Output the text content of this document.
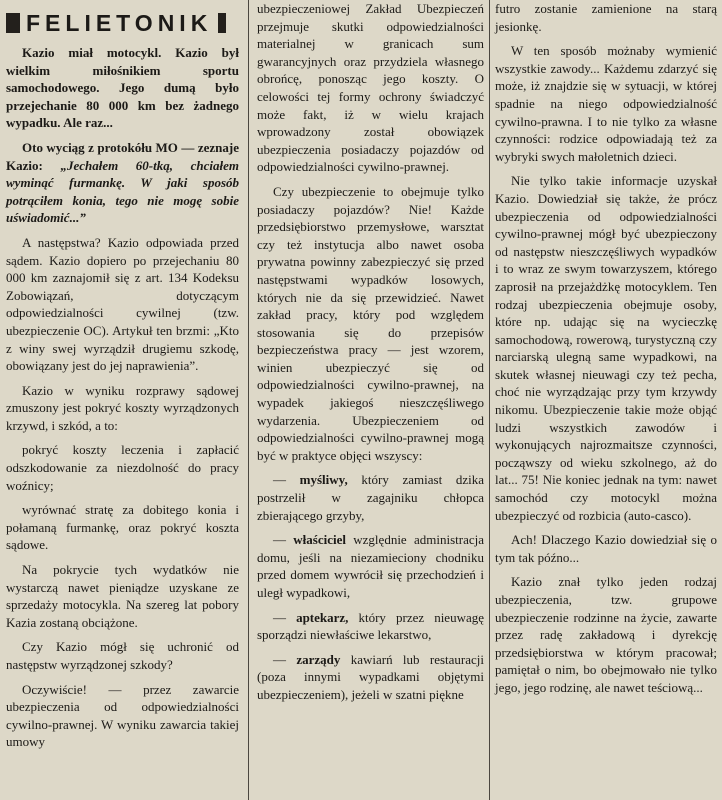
FELIETONIK

Kazio miał motocykl. Kazio był wielkim miłośnikiem sportu samochodowego. Jego dumą było przejechanie 80 000 km bez żadnego wypadku. Ale raz...

Oto wyciąg z protokółu MO — zeznaje Kazio: „Jechałem 60-tką, chciałem wyminąć furmankę. W jaki sposób potrąciłem konia, tego nie mogę sobie uświadomić...”

A następstwa? Kazio odpowiada przed sądem. Kazio dopiero po przejechaniu 80 000 km zaznajomił się z art. 134 Kodeksu Zobowiązań, dotyczącym odpowiedzialności cywilnej (tzw. ubezpieczenie OC). Artykuł ten brzmi: „Kto z winy swej wyrządził drugiemu szkodę, obowiązany jest do jej naprawienia”.

Kazio w wyniku rozprawy sądowej zmuszony jest pokryć koszty wyrządzonych krzywd, i szkód, a to:

pokryć koszty leczenia i zapłacić odszkodowanie za niezdolność do pracy woźnicy;

wyrównać stratę za dobitego konia i połamaną furmankę, oraz pokryć koszta sądowe.

Na pokrycie tych wydatków nie wystarczą nawet pieniądze uzyskane ze sprzedaży motocykla. Na szereg lat pobory Kazia zostaną obciążone.

Czy Kazio mógł się uchronić od następstw wyrządzonej szkody?

Oczywiście! — przez zawarcie ubezpieczenia od odpowiedzialności cywilno-prawnej. W wyniku zawarcia takiej umowy

ubezpieczeniowej Zakład Ubezpieczeń przejmuje skutki odpowiedzialności materialnej w granicach sum gwarancyjnych oraz przydziela własnego obrońcę, ponosząc jego koszty. O celowości tej formy ochrony świadczyć może fakt, iż w wielu krajach wprowadzony został obowiązek ubezpieczenia posiadaczy pojazdów od odpowiedzialności cywilno-prawnej.

Czy ubezpieczenie to obejmuje tylko posiadaczy pojazdów? Nie! Każde przedsiębiorstwo przemysłowe, warsztat czy też instytucja albo nawet osoba prywatna powinny zabezpieczyć się przed następstwami wypadków losowych, których nie da się przewidzieć. Nawet zakład pracy, który pod względem stosowania się do przepisów bezpieczeństwa pracy — jest wzorem, winien ubezpieczyć się od odpowiedzialności cywilno-prawnej, na wypadek jakiegoś nieszczęśliwego wydarzenia. Ubezpieczeniem od odpowiedzialności cywilno-prawnej mogą być w praktyce objęci wszyscy:

— myśliwy, który zamiast dzika postrzelił w zagajniku chłopca zbierającego grzyby,

— właściciel względnie administracja domu, jeśli na niezamieciony chodniku przed domem wywrócił się przechodzień i uległ wypadkowi,

— aptekarz, który przez nieuwagę sporządzi niewłaściwe lekarstwo,

— zarządy kawiarń lub restauracji (poza innymi wypadkami objętymi ubezpieczeniem), jeżeli w szatni piękne

futro zostanie zamienione na starą jesionkę.

W ten sposób możnaby wymienić wszystkie zawody... Każdemu zdarzyć się może, iż znajdzie się w sytuacji, w której spadnie na niego odpowiedzialność cywilno-prawna. I to nie tylko za własne czynności: rodzice odpowiadają też za wybryki swych małoletnich dzieci.

Nie tylko takie informacje uzyskał Kazio. Dowiedział się także, że prócz ubezpieczenia od odpowiedzialności cywilno-prawnej mógł być ubezpieczony od następstw nieszczęśliwych wypadków i to wraz ze swym towarzyszem, którego zaprosił na przejażdżkę motocyklem. Ten rodzaj ubezpieczenia obejmuje osoby, które np. udając się na wycieczkę samochodową, rowerową, turystyczną czy narciarską ulegną same wypadkowi, na skutek własnej nieuwagi czy też pecha, choć nie wyrządzając przy tym krzywdy nikomu. Ubezpieczenie takie może objąć ludzi wszystkich zawodów i wykonujących najrozmaitsze czynności, począwszy od wieku szkolnego, aż do lat... 75! Nie koniec jednak na tym: nawet samochód czy motocykl można ubezpieczyć od rozbicia (auto-casco).

Ach! Dlaczego Kazio dowiedział się o tym tak późno...

Kazio znał tylko jeden rodzaj ubezpieczenia, tzw. grupowe ubezpieczenie rodzinne na życie, zawarte przez radę zakładową i dyrekcję przedsiębiorstwa w którym pracował; pamiętał o nim, bo obejmowało nie tylko jego, jego rodzinę, ale nawet teściową...
